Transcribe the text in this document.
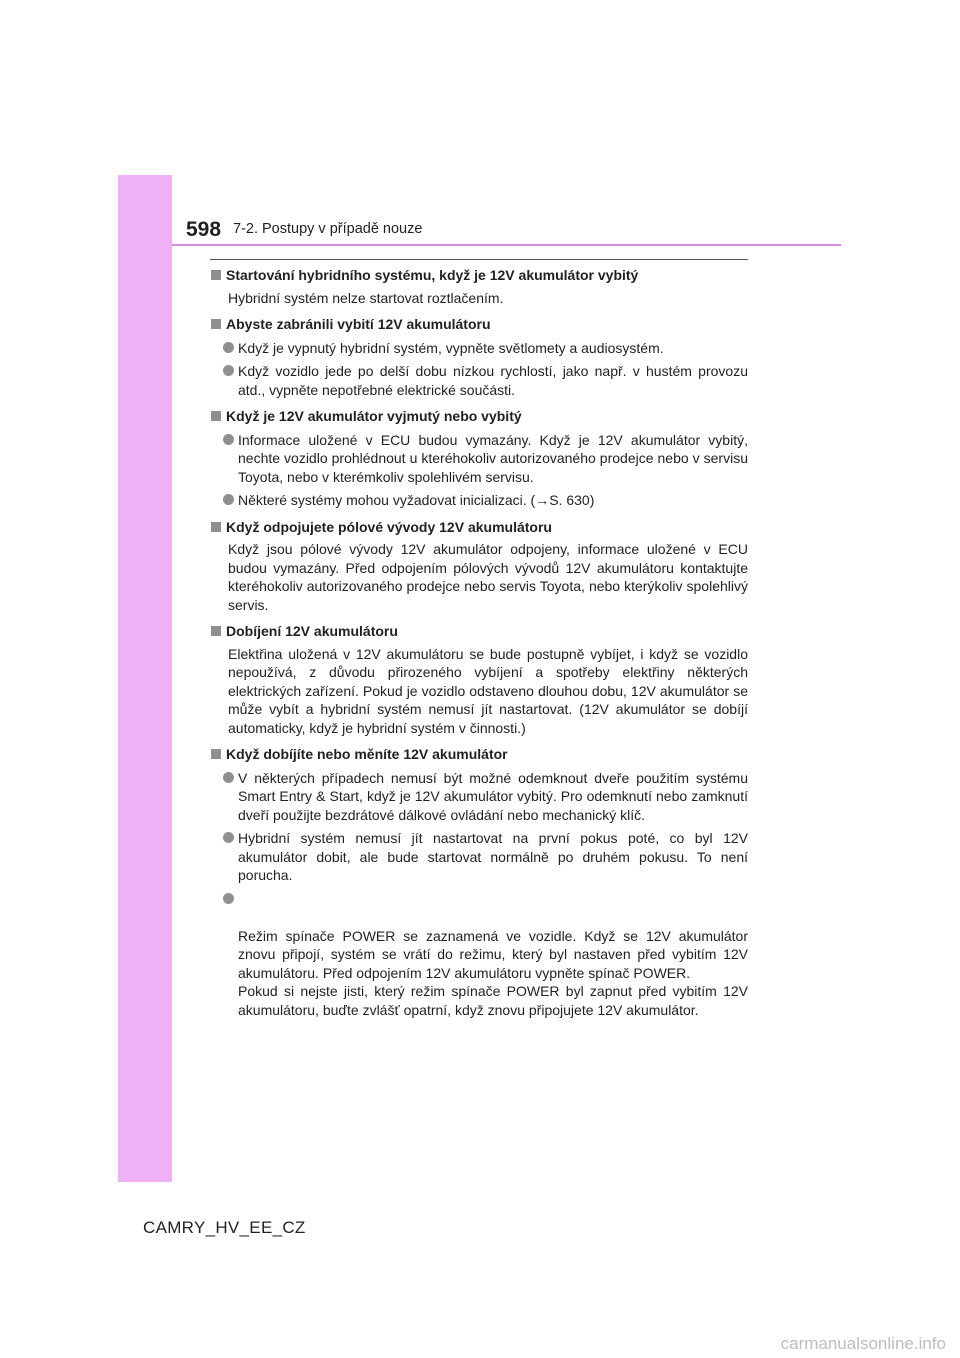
598 7-2. Postupy v případě nouze
Startování hybridního systému, když je 12V akumulátor vybitý
Hybridní systém nelze startovat roztlačením.
Abyste zabránili vybití 12V akumulátoru
Když je vypnutý hybridní systém, vypněte světlomety a audiosystém.
Když vozidlo jede po delší dobu nízkou rychlostí, jako např. v hustém provozu atd., vypněte nepotřebné elektrické součásti.
Když je 12V akumulátor vyjmutý nebo vybitý
Informace uložené v ECU budou vymazány. Když je 12V akumulátor vybitý, nechte vozidlo prohlédnout u kteréhokoliv autorizovaného prodejce nebo v servisu Toyota, nebo v kterémkoliv spolehlivém servisu.
Některé systémy mohou vyžadovat inicializaci. (→S. 630)
Když odpojujete pólové vývody 12V akumulátoru
Když jsou pólové vývody 12V akumulátor odpojeny, informace uložené v ECU budou vymazány. Před odpojením pólových vývodů 12V akumulátoru kontaktujte kteréhokoliv autorizovaného prodejce nebo servis Toyota, nebo kterýkoliv spolehlivý servis.
Dobíjení 12V akumulátoru
Elektřina uložená v 12V akumulátoru se bude postupně vybíjet, i když se vozidlo nepoužívá, z důvodu přirozeného vybíjení a spotřeby elektřiny některých elektrických zařízení. Pokud je vozidlo odstaveno dlouhou dobu, 12V akumulátor se může vybít a hybridní systém nemusí jít nastartovat. (12V akumulátor se dobíjí automaticky, když je hybridní systém v činnosti.)
Když dobíjíte nebo měníte 12V akumulátor
V některých případech nemusí být možné odemknout dveře použitím systému Smart Entry & Start, když je 12V akumulátor vybitý. Pro odemknutí nebo zamknutí dveří použijte bezdrátové dálkové ovládání nebo mechanický klíč.
Hybridní systém nemusí jít nastartovat na první pokus poté, co byl 12V akumulátor dobit, ale bude startovat normálně po druhém pokusu. To není porucha.

Režim spínače POWER se zaznamená ve vozidle. Když se 12V akumulátor znovu připojí, systém se vrátí do režimu, který byl nastaven před vybitím 12V akumulátoru. Před odpojením 12V akumulátoru vypněte spínač POWER.
Pokud si nejste jisti, který režim spínače POWER byl zapnut před vybitím 12V akumulátoru, buďte zvlášť opatrní, když znovu připojujete 12V akumulátor.

CAMRY_HV_EE_CZ
carmanualsonline.info
